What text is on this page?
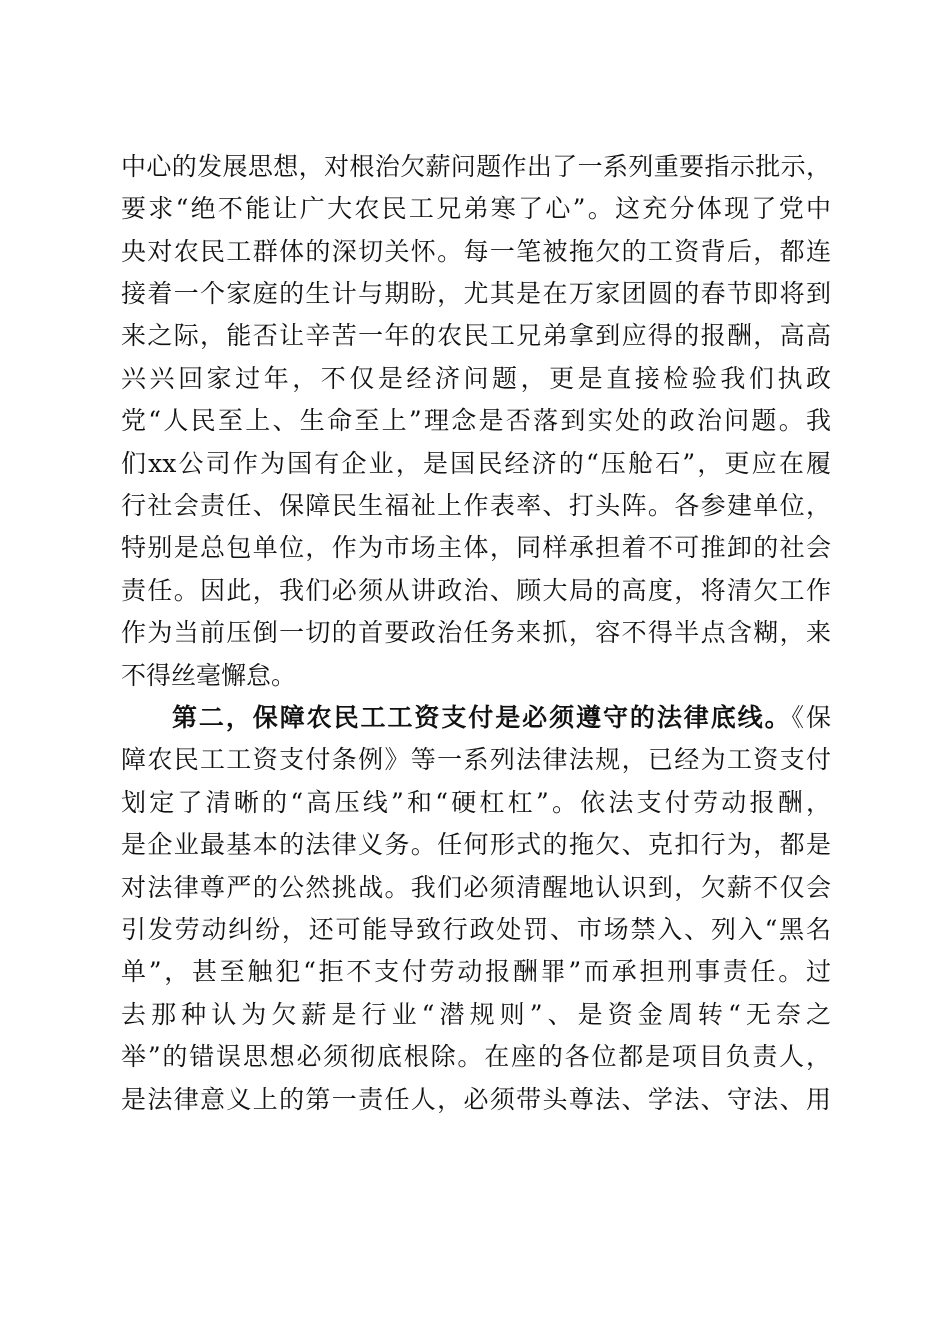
中心的发展思想，对根治欠薪问题作出了一系列重要指示批示，
要求“绝不能让广大农民工兄弟寒了心”。这充分体现了党中
央对农民工群体的深切关怀。每一笔被拖欠的工资背后，都连
接着一个家庭的生计与期盼，尤其是在万家团圆的春节即将到
来之际，能否让辛苦一年的农民工兄弟拿到应得的报酬，高高
兴兴回家过年，不仅是经济问题，更是直接检验我们执政
党“人民至上、生命至上”理念是否落到实处的政治问题。我
们xx公司作为国有企业，是国民经济的“压舱石”，更应在履
行社会责任、保障民生福祉上作表率、打头阵。各参建单位，
特别是总包单位，作为市场主体，同样承担着不可推卸的社会
责任。因此，我们必须从讲政治、顾大局的高度，将清欠工作
作为当前压倒一切的首要政治任务来抓，容不得半点含糊，来
不得丝毫懈怠。
第二，保障农民工工资支付是必须遵守的法律底线。《保
障农民工工资支付条例》等一系列法律法规，已经为工资支付
划定了清晰的“高压线”和“硬杠杠”。依法支付劳动报酬，
是企业最基本的法律义务。任何形式的拖欠、克扣行为，都是
对法律尊严的公然挑战。我们必须清醒地认识到，欠薪不仅会
引发劳动纠纷，还可能导致行政处罚、市场禁入、列入“黑名
单”，甚至触犯“拒不支付劳动报酬罪”而承担刑事责任。过
去那种认为欠薪是行业“潜规则”、是资金周转“无奈之
举”的错误思想必须彻底根除。在座的各位都是项目负责人，
是法律意义上的第一责任人，必须带头尊法、学法、守法、用
